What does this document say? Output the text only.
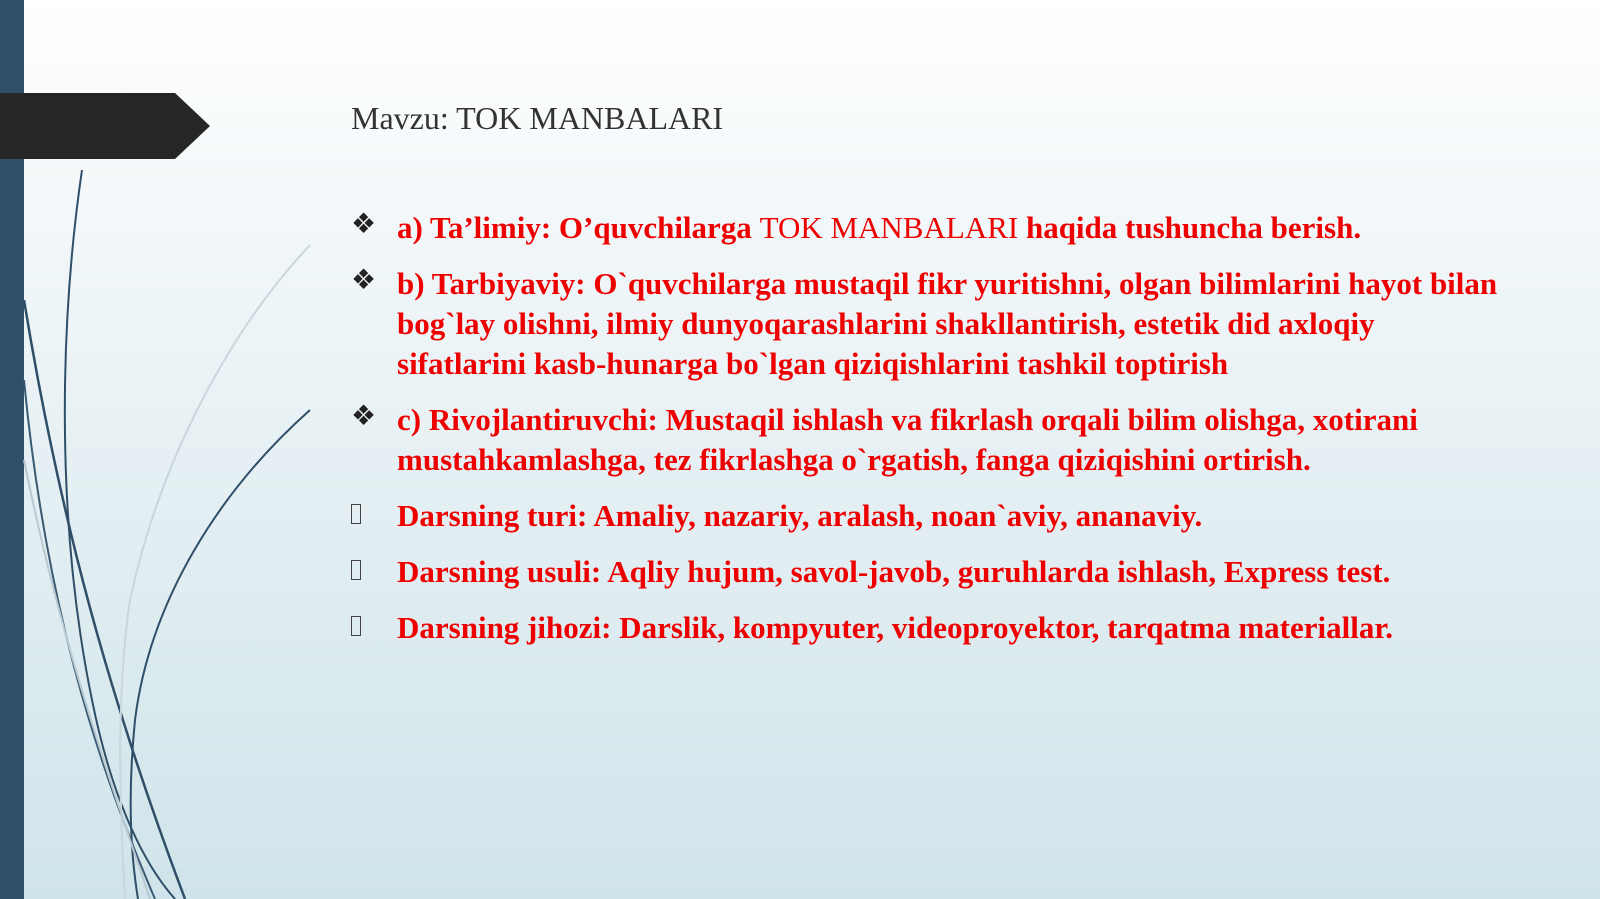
Mavzu: TOK MANBALARI
❖ a) Ta’limiy: O’quvchilarga TOK MANBALARI haqida tushuncha berish.
❖ b) Tarbiyaviy: O`quvchilarga mustaqil fikr yuritishni, olgan bilimlarini hayot bilan bog`lay olishni, ilmiy dunyoqarashlarini shakllantirish, estetik did axloqiy sifatlarini kasb-hunarga bo`lgan qiziqishlarini tashkil toptirish
❖ c) Rivojlantiruvchi: Mustaqil ishlash va fikrlash orqali bilim olishga, xotirani mustahkamlashga, tez fikrlashga o`rgatish, fanga qiziqishini ortirish.
Darsning turi: Amaliy, nazariy, aralash, noan`aviy, ananaviy.
Darsning usuli: Aqliy hujum, savol-javob, guruhlarda ishlash, Express test.
Darsning jihozi: Darslik, kompyuter, videoproyektor, tarqatma materiallar.
